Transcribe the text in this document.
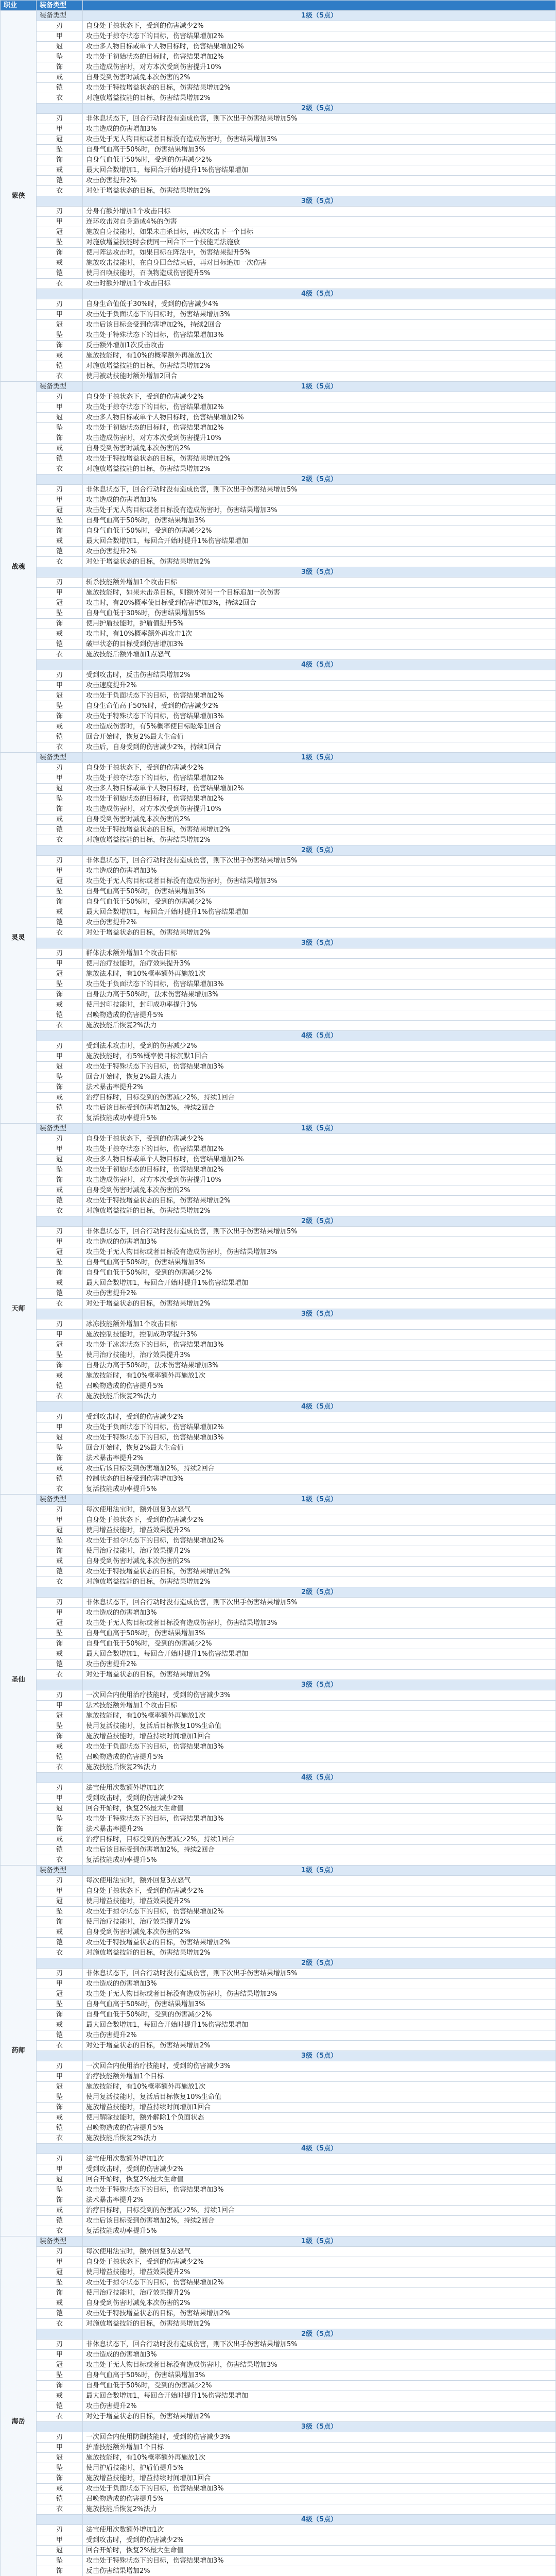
职业	装备类型	
蒙侠	装备类型	1级（5点）
	刃	自身处于掠状态下，受到的伤害减少2%
	甲	攻击处于掠夺状态下的目标，伤害结果增加2%
	冠	攻击多人物目标或单个人物目标时，伤害结果增加2%
	坠	攻击处于初始状态的目标时，伤害结果增加2%
	饰	攻击造成伤害时，对方本次受到伤害提升10%
	戒	自身受到伤害时减免本次伤害的2%
	铠	攻击处于特技增益状态的目标，伤害结果增加2%
	衣	对施放增益技能的目标，伤害结果增加2%
		2级（5点）
	刃	非休息状态下，回合行动时没有造成伤害，则下次出手伤害结果增加5%
	甲	攻击造成的伤害增加3%
	冠	攻击处于无人物目标或者目标没有造成伤害时，伤害结果增加3%
	坠	自身气血高于50%时，伤害结果增加3%
	饰	自身气血低于50%时，受到的伤害减少2%
	戒	最大回合数增加1，每回合开始时提升1%伤害结果增加
	铠	攻击伤害提升2%
	衣	对处于增益状态的目标，伤害结果增加2%
		3级（5点）
	刃	分身有额外增加1个攻击目标
	甲	连环攻击对自身造成4%的伤害
	冠	施放自身技能时，如果未击杀目标，再次攻击下一个目标
	坠	对施放增益技能时会使同一回合下一个技能无法施放
	饰	使用阵法攻击时，如果目标在阵法中，伤害结果提升5%
	戒	施放攻击技能时，在自身回合结束后，再对目标追加一次伤害
	铠	使用召唤技能时，召唤物造成伤害提升5%
	衣	攻击时额外增加1个攻击目标
		4级（5点）
	刃	自身生命值低于30%时，受到的伤害减少4%
	甲	攻击处于负面状态下的目标时，伤害结果增加3%
	冠	攻击后该目标会受到伤害增加2%，持续2回合
	坠	攻击处于特殊状态下的目标，伤害结果增加3%
	饰	反击额外增加1次反击攻击
	戒	施放技能时，有10%的概率额外再施放1次
	铠	对施放增益技能的目标，伤害结果增加2%
	衣	使用被动技能时额外增加2回合
战魂	装备类型	1级（5点）
	刃	自身处于掠状态下，受到的伤害减少2%
	甲	攻击处于掠夺状态下的目标，伤害结果增加2%
	冠	攻击多人物目标或单个人物目标时，伤害结果增加2%
	坠	攻击处于初始状态的目标时，伤害结果增加2%
	饰	攻击造成伤害时，对方本次受到伤害提升10%
	戒	自身受到伤害时减免本次伤害的2%
	铠	攻击处于特技增益状态的目标，伤害结果增加2%
	衣	对施放增益技能的目标，伤害结果增加2%
		2级（5点）
	刃	非休息状态下，回合行动时没有造成伤害，则下次出手伤害结果增加5%
	甲	攻击造成的伤害增加3%
	冠	攻击处于无人物目标或者目标没有造成伤害时，伤害结果增加3%
	坠	自身气血高于50%时，伤害结果增加3%
	饰	自身气血低于50%时，受到的伤害减少2%
	戒	最大回合数增加1，每回合开始时提升1%伤害结果增加
	铠	攻击伤害提升2%
	衣	对处于增益状态的目标，伤害结果增加2%
		3级（5点）
	刃	斩杀技能额外增加1个攻击目标
	甲	施放技能时，如果未击杀目标，则额外对另一个目标追加一次伤害
	冠	攻击时，有20%概率使目标受到伤害增加3%，持续2回合
	坠	自身气血低于30%时，伤害结果增加5%
	饰	使用护盾技能时，护盾值提升5%
	戒	攻击时，有10%概率额外再攻击1次
	铠	破甲状态的目标受到伤害增加3%
	衣	施放技能后额外增加1点怒气
		4级（5点）
	刃	受到攻击时，反击伤害结果增加2%
	甲	攻击速度提升2%
	冠	攻击处于负面状态下的目标，伤害结果增加2%
	坠	自身生命值高于50%时，受到的伤害减少2%
	饰	攻击处于特殊状态下的目标，伤害结果增加3%
	戒	攻击造成伤害时，有5%概率使目标眩晕1回合
	铠	回合开始时，恢复2%最大生命值
	衣	攻击后，自身受到的伤害减少2%，持续1回合
灵灵	装备类型	1级（5点）
	刃	自身处于掠状态下，受到的伤害减少2%
	甲	攻击处于掠夺状态下的目标，伤害结果增加2%
	冠	攻击多人物目标或单个人物目标时，伤害结果增加2%
	坠	攻击处于初始状态的目标时，伤害结果增加2%
	饰	攻击造成伤害时，对方本次受到伤害提升10%
	戒	自身受到伤害时减免本次伤害的2%
	铠	攻击处于特技增益状态的目标，伤害结果增加2%
	衣	对施放增益技能的目标，伤害结果增加2%
		2级（5点）
	刃	非休息状态下，回合行动时没有造成伤害，则下次出手伤害结果增加5%
	甲	攻击造成的伤害增加3%
	冠	攻击处于无人物目标或者目标没有造成伤害时，伤害结果增加3%
	坠	自身气血高于50%时，伤害结果增加3%
	饰	自身气血低于50%时，受到的伤害减少2%
	戒	最大回合数增加1，每回合开始时提升1%伤害结果增加
	铠	攻击伤害提升2%
	衣	对处于增益状态的目标，伤害结果增加2%
		3级（5点）
	刃	群体法术额外增加1个攻击目标
	甲	使用治疗技能时，治疗效果提升3%
	冠	施放法术时，有10%概率额外再施放1次
	坠	攻击处于负面状态下的目标，伤害结果增加3%
	饰	自身法力高于50%时，法术伤害结果增加3%
	戒	使用封印技能时，封印成功率提升3%
	铠	召唤物造成的伤害提升5%
	衣	施放技能后恢复2%法力
		4级（5点）
	刃	受到法术攻击时，受到的伤害减少2%
	甲	施放技能时，有5%概率使目标沉默1回合
	冠	攻击处于特殊状态下的目标，伤害结果增加3%
	坠	回合开始时，恢复2%最大法力
	饰	法术暴击率提升2%
	戒	治疗目标时，目标受到的伤害减少2%，持续1回合
	铠	攻击后该目标受到伤害增加2%，持续2回合
	衣	复活技能成功率提升5%
天师	装备类型	1级（5点）
	刃	自身处于掠状态下，受到的伤害减少2%
	甲	攻击处于掠夺状态下的目标，伤害结果增加2%
	冠	攻击多人物目标或单个人物目标时，伤害结果增加2%
	坠	攻击处于初始状态的目标时，伤害结果增加2%
	饰	攻击造成伤害时，对方本次受到伤害提升10%
	戒	自身受到伤害时减免本次伤害的2%
	铠	攻击处于特技增益状态的目标，伤害结果增加2%
	衣	对施放增益技能的目标，伤害结果增加2%
		2级（5点）
	刃	非休息状态下，回合行动时没有造成伤害，则下次出手伤害结果增加5%
	甲	攻击造成的伤害增加3%
	冠	攻击处于无人物目标或者目标没有造成伤害时，伤害结果增加3%
	坠	自身气血高于50%时，伤害结果增加3%
	饰	自身气血低于50%时，受到的伤害减少2%
	戒	最大回合数增加1，每回合开始时提升1%伤害结果增加
	铠	攻击伤害提升2%
	衣	对处于增益状态的目标，伤害结果增加2%
		3级（5点）
	刃	冰冻技能额外增加1个攻击目标
	甲	施放控制技能时，控制成功率提升3%
	冠	攻击处于冰冻状态下的目标，伤害结果增加3%
	坠	使用治疗技能时，治疗效果提升3%
	饰	自身法力高于50%时，法术伤害结果增加3%
	戒	施放技能时，有10%概率额外再施放1次
	铠	召唤物造成的伤害提升5%
	衣	施放技能后恢复2%法力
		4级（5点）
	刃	受到攻击时，受到的伤害减少2%
	甲	攻击处于负面状态下的目标，伤害结果增加2%
	冠	攻击处于特殊状态下的目标，伤害结果增加3%
	坠	回合开始时，恢复2%最大生命值
	饰	法术暴击率提升2%
	戒	攻击后该目标受到伤害增加2%，持续2回合
	铠	控制状态的目标受到伤害增加3%
	衣	复活技能成功率提升5%
圣仙	装备类型	1级（5点）
	刃	每次使用法宝时，额外回复3点怒气
	甲	自身处于掠状态下，受到的伤害减少2%
	冠	使用增益技能时，增益效果提升2%
	坠	攻击处于掠夺状态下的目标，伤害结果增加2%
	饰	使用治疗技能时，治疗效果提升2%
	戒	自身受到伤害时减免本次伤害的2%
	铠	攻击处于特技增益状态的目标，伤害结果增加2%
	衣	对施放增益技能的目标，伤害结果增加2%
		2级（5点）
	刃	非休息状态下，回合行动时没有造成伤害，则下次出手伤害结果增加5%
	甲	攻击造成的伤害增加3%
	冠	攻击处于无人物目标或者目标没有造成伤害时，伤害结果增加3%
	坠	自身气血高于50%时，伤害结果增加3%
	饰	自身气血低于50%时，受到的伤害减少2%
	戒	最大回合数增加1，每回合开始时提升1%伤害结果增加
	铠	攻击伤害提升2%
	衣	对处于增益状态的目标，伤害结果增加2%
		3级（5点）
	刃	一次回合内使用治疗技能时，受到的伤害减少3%
	甲	法术技能额外增加1个攻击目标
	冠	施放技能时，有10%概率额外再施放1次
	坠	使用复活技能时，复活后目标恢复10%生命值
	饰	施放增益技能时，增益持续时间增加1回合
	戒	攻击处于负面状态下的目标，伤害结果增加3%
	铠	召唤物造成的伤害提升5%
	衣	施放技能后恢复2%法力
		4级（5点）
	刃	法宝使用次数额外增加1次
	甲	受到攻击时，受到的伤害减少2%
	冠	回合开始时，恢复2%最大生命值
	坠	攻击处于特殊状态下的目标，伤害结果增加3%
	饰	法术暴击率提升2%
	戒	治疗目标时，目标受到的伤害减少2%，持续1回合
	铠	攻击后该目标受到伤害增加2%，持续2回合
	衣	复活技能成功率提升5%
药师	装备类型	1级（5点）
	刃	每次使用法宝时，额外回复3点怒气
	甲	自身处于掠状态下，受到的伤害减少2%
	冠	使用增益技能时，增益效果提升2%
	坠	攻击处于掠夺状态下的目标，伤害结果增加2%
	饰	使用治疗技能时，治疗效果提升2%
	戒	自身受到伤害时减免本次伤害的2%
	铠	攻击处于特技增益状态的目标，伤害结果增加2%
	衣	对施放增益技能的目标，伤害结果增加2%
		2级（5点）
	刃	非休息状态下，回合行动时没有造成伤害，则下次出手伤害结果增加5%
	甲	攻击造成的伤害增加3%
	冠	攻击处于无人物目标或者目标没有造成伤害时，伤害结果增加3%
	坠	自身气血高于50%时，伤害结果增加3%
	饰	自身气血低于50%时，受到的伤害减少2%
	戒	最大回合数增加1，每回合开始时提升1%伤害结果增加
	铠	攻击伤害提升2%
	衣	对处于增益状态的目标，伤害结果增加2%
		3级（5点）
	刃	一次回合内使用治疗技能时，受到的伤害减少3%
	甲	治疗技能额外增加1个目标
	冠	施放技能时，有10%概率额外再施放1次
	坠	使用复活技能时，复活后目标恢复10%生命值
	饰	施放增益技能时，增益持续时间增加1回合
	戒	使用解除技能时，额外解除1个负面状态
	铠	召唤物造成的伤害提升5%
	衣	施放技能后恢复2%法力
		4级（5点）
	刃	法宝使用次数额外增加1次
	甲	受到攻击时，受到的伤害减少2%
	冠	回合开始时，恢复2%最大生命值
	坠	攻击处于特殊状态下的目标，伤害结果增加3%
	饰	法术暴击率提升2%
	戒	治疗目标时，目标受到的伤害减少2%，持续1回合
	铠	攻击后该目标受到伤害增加2%，持续2回合
	衣	复活技能成功率提升5%
海岳	装备类型	1级（5点）
	刃	每次使用法宝时，额外回复3点怒气
	甲	自身处于掠状态下，受到的伤害减少2%
	冠	使用增益技能时，增益效果提升2%
	坠	攻击处于掠夺状态下的目标，伤害结果增加2%
	饰	使用治疗技能时，治疗效果提升2%
	戒	自身受到伤害时减免本次伤害的2%
	铠	攻击处于特技增益状态的目标，伤害结果增加2%
	衣	对施放增益技能的目标，伤害结果增加2%
		2级（5点）
	刃	非休息状态下，回合行动时没有造成伤害，则下次出手伤害结果增加5%
	甲	攻击造成的伤害增加3%
	冠	攻击处于无人物目标或者目标没有造成伤害时，伤害结果增加3%
	坠	自身气血高于50%时，伤害结果增加3%
	饰	自身气血低于50%时，受到的伤害减少2%
	戒	最大回合数增加1，每回合开始时提升1%伤害结果增加
	铠	攻击伤害提升2%
	衣	对处于增益状态的目标，伤害结果增加2%
		3级（5点）
	刃	一次回合内使用防御技能时，受到的伤害减少3%
	甲	护盾技能额外增加1个目标
	冠	施放技能时，有10%概率额外再施放1次
	坠	使用护盾技能时，护盾值提升5%
	饰	施放增益技能时，增益持续时间增加1回合
	戒	攻击处于负面状态下的目标，伤害结果增加3%
	铠	召唤物造成的伤害提升5%
	衣	施放技能后恢复2%法力
		4级（5点）
	刃	法宝使用次数额外增加1次
	甲	受到攻击时，受到的伤害减少2%
	冠	回合开始时，恢复2%最大生命值
	坠	攻击处于特殊状态下的目标，伤害结果增加3%
	饰	反击伤害结果增加2%
